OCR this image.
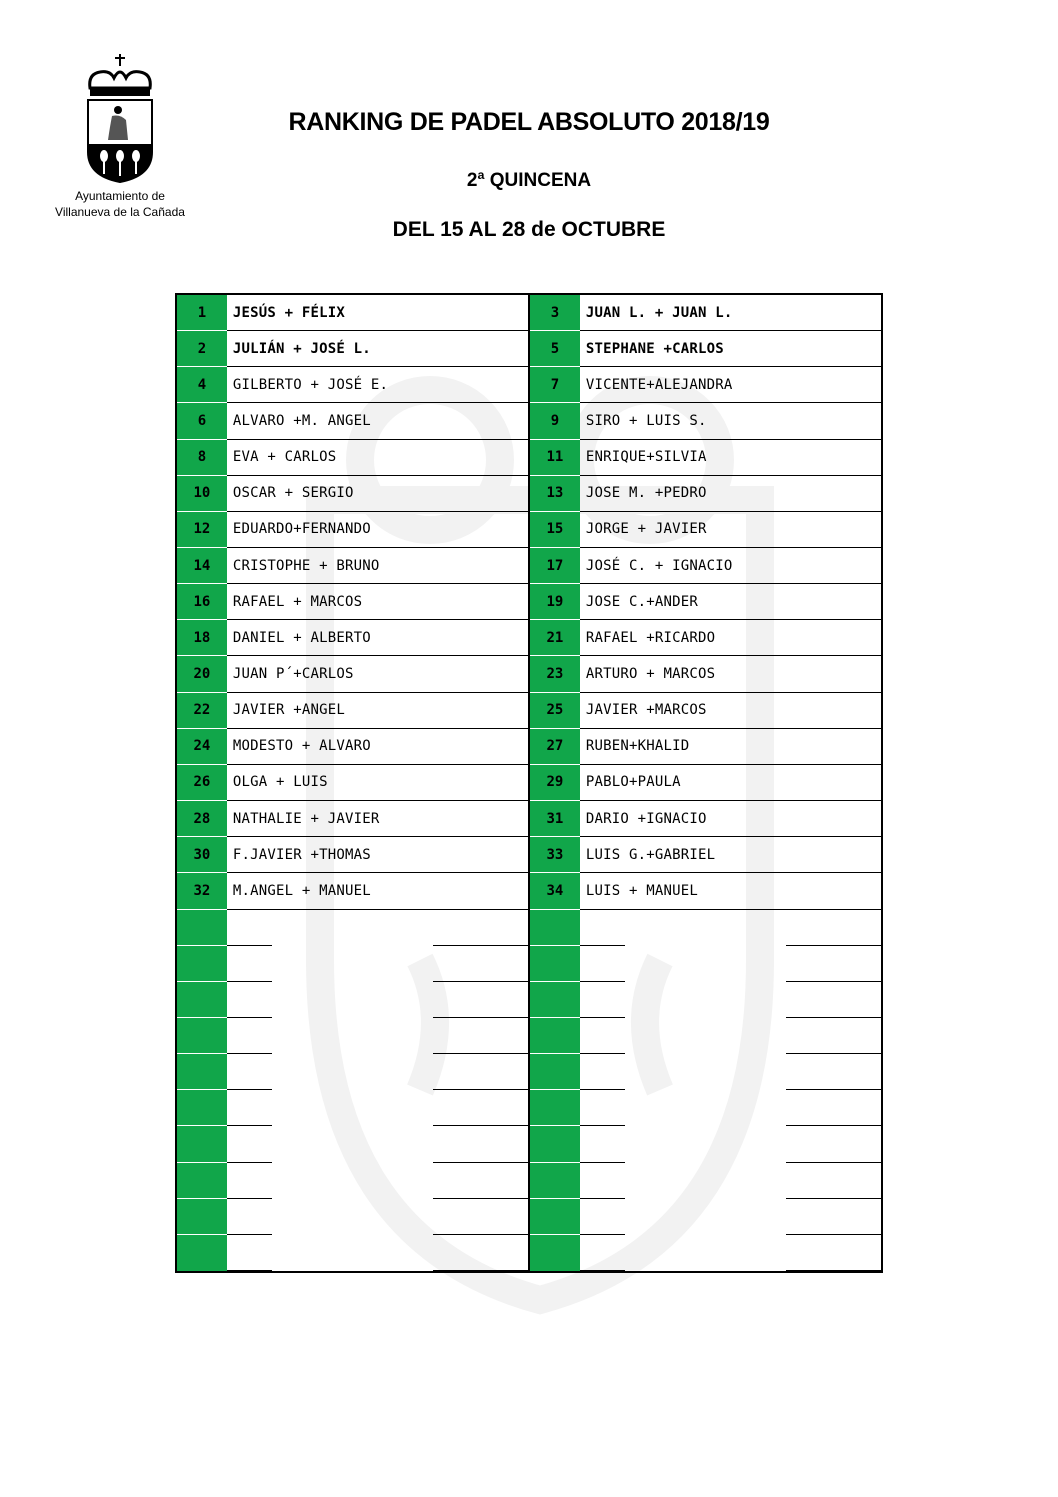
Ayuntamiento de
Villanueva de la Cañada
RANKING DE PADEL ABSOLUTO 2018/19
2ª QUINCENA
DEL 15 AL 28 de OCTUBRE
1	JESÚS + FÉLIX	3	JUAN L. + JUAN L.
2	JULIÁN + JOSÉ L.	5	STEPHANE +CARLOS
4	GILBERTO + JOSÉ E.	7	VICENTE+ALEJANDRA
6	ALVARO +M. ANGEL	9	SIRO + LUIS S.
8	EVA + CARLOS	11	ENRIQUE+SILVIA
10	OSCAR + SERGIO	13	JOSE M. +PEDRO
12	EDUARDO+FERNANDO	15	JORGE + JAVIER
14	CRISTOPHE + BRUNO	17	JOSÉ C. + IGNACIO
16	RAFAEL + MARCOS	19	JOSE C.+ANDER
18	DANIEL + ALBERTO	21	RAFAEL +RICARDO
20	JUAN P´+CARLOS	23	ARTURO + MARCOS
22	JAVIER +ANGEL	25	JAVIER +MARCOS
24	MODESTO + ALVARO	27	RUBEN+KHALID
26	OLGA + LUIS	29	PABLO+PAULA
28	NATHALIE + JAVIER	31	DARIO +IGNACIO
30	F.JAVIER +THOMAS	33	LUIS G.+GABRIEL
32	M.ANGEL + MANUEL	34	LUIS + MANUEL
